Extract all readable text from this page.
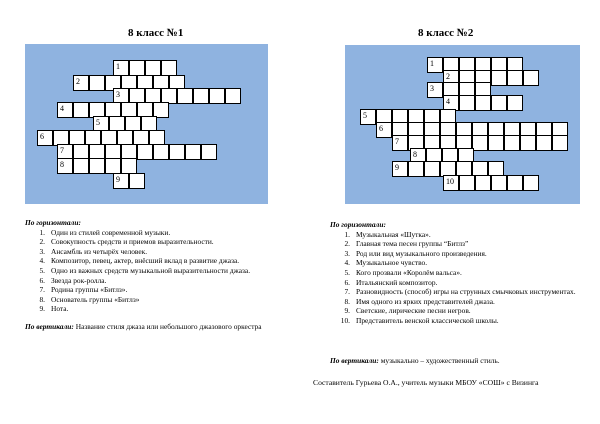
8 класс №1	8 класс №2
1
2
3
4
5
6
7
8
9
1
2
3
4
5
6
7
8
9
10
По горизонтали:
1. Один из стилей современной музыки.
2. Совокупность средств и приемов выразительности.
3. Ансамбль из четырёх человек.
4. Композитор, певец, актер, внёсший вклад в развитие джаза.
5. Одно из важных средств музыкальной выразительности джаза.
6. Звезда рок-ролла.
7. Родина группы «Битлз».
8. Основатель группы «Битлз»
9. Нота.
По вертикали: Название стиля джаза или небольшого джазового оркестра
По горизонтали:
1. Музыкальная «Шутка».
2. Главная тема песен группы “Битлз”
3. Род или вид музыкального произведения.
4. Музыкальное чувство.
5. Кого прозвали «Королём вальса».
6. Итальянский композитор.
7. Разновидность (способ) игры на струнных смычковых инструментах.
8. Имя одного из ярких представителей джаза.
9. Светские, лирические песни негров.
10. Представитель венской классической школы.
По вертикали: музыкально – художественный стиль.
Составитель Гурьева О.А., учитель музыки МБОУ «СОШ» с Визинга
